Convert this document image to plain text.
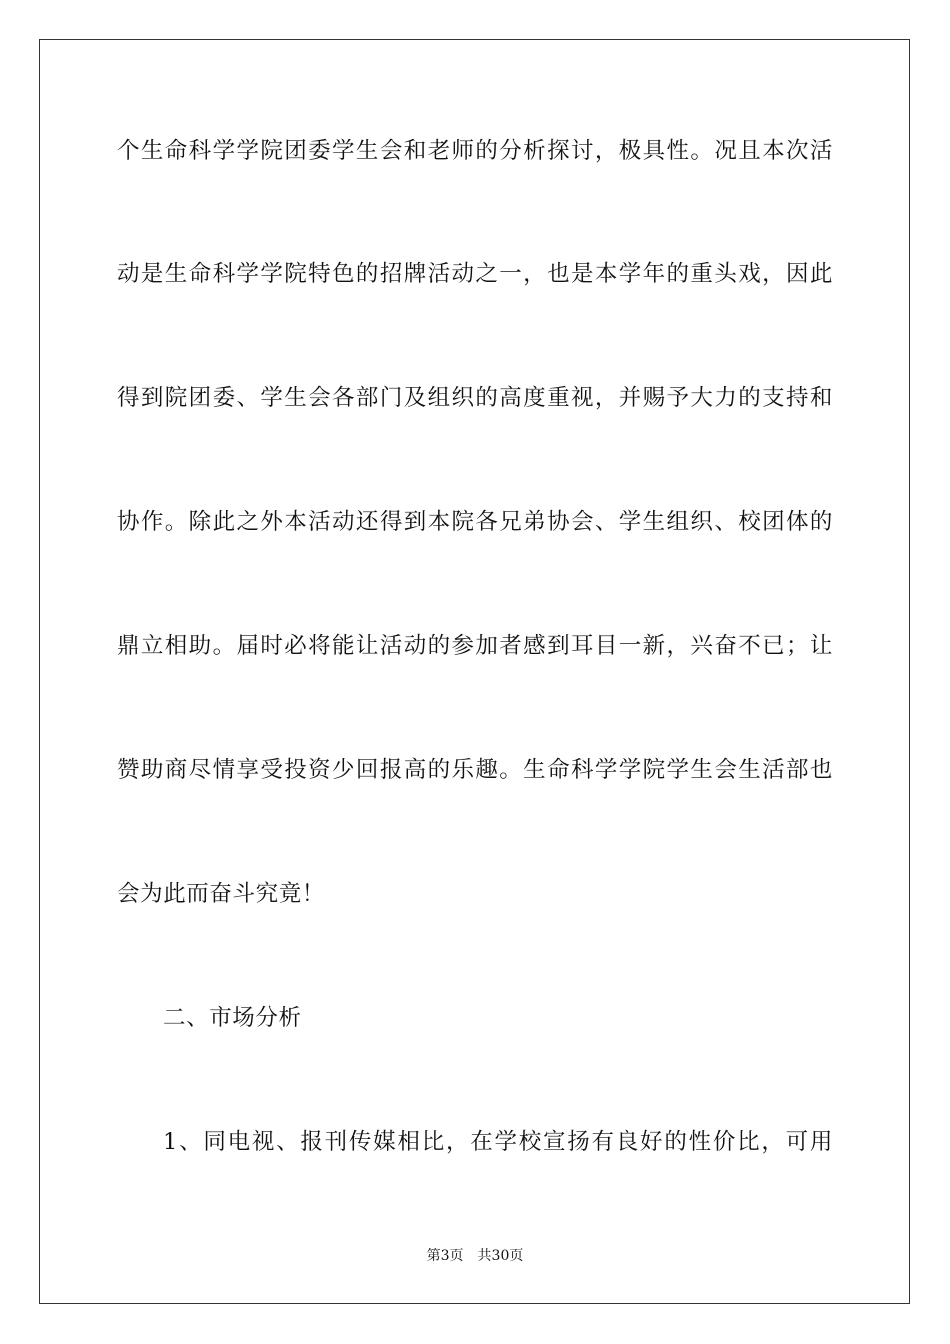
个生命科学学院团委学生会和老师的分析探讨，极具性。况且本次活
动是生命科学学院特色的招牌活动之一，也是本学年的重头戏，因此
得到院团委、学生会各部门及组织的高度重视，并赐予大力的支持和
协作。除此之外本活动还得到本院各兄弟协会、学生组织、校团体的
鼎立相助。届时必将能让活动的参加者感到耳目一新，兴奋不已；让
赞助商尽情享受投资少回报高的乐趣。生命科学学院学生会生活部也
会为此而奋斗究竟！
二、市场分析
1、同电视、报刊传媒相比，在学校宣扬有良好的性价比，可用
第3页 共30页
